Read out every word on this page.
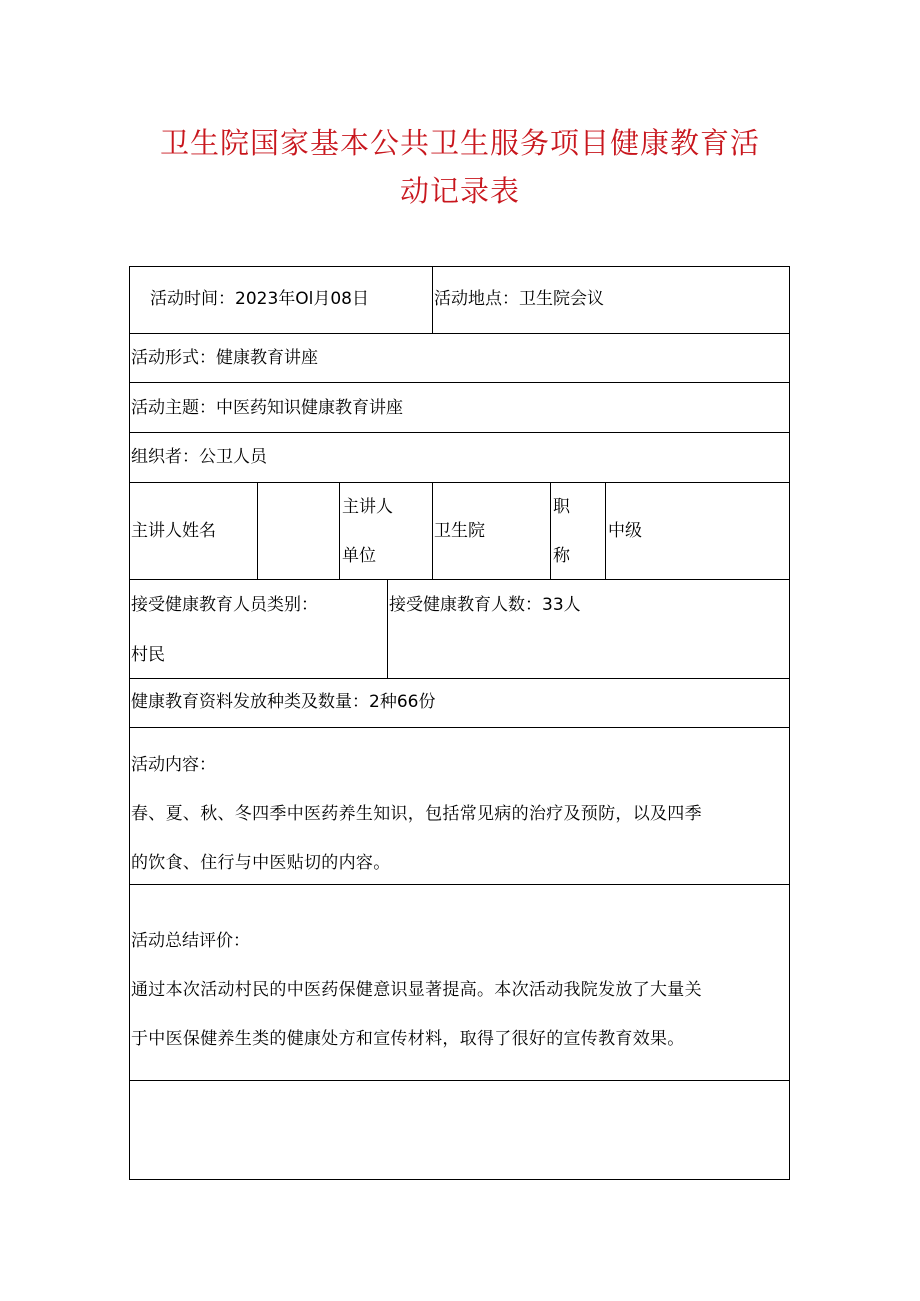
卫生院国家基本公共卫生服务项目健康教育活
动记录表
活动时间：2023年Ol月08日	活动地点：卫生院会议
活动形式：健康教育讲座
活动主题：中医药知识健康教育讲座
组织者：公卫人员
主讲人姓名
主讲人
单位
卫生院
职
称
中级
接受健康教育人员类别：
村民
接受健康教育人数：33人
健康教育资料发放种类及数量：2种66份
活动内容：
春、夏、秋、冬四季中医药养生知识，包括常见病的治疗及预防，以及四季
的饮食、住行与中医贴切的内容。
活动总结评价：
通过本次活动村民的中医药保健意识显著提高。本次活动我院发放了大量关
于中医保健养生类的健康处方和宣传材料，取得了很好的宣传教育效果。
